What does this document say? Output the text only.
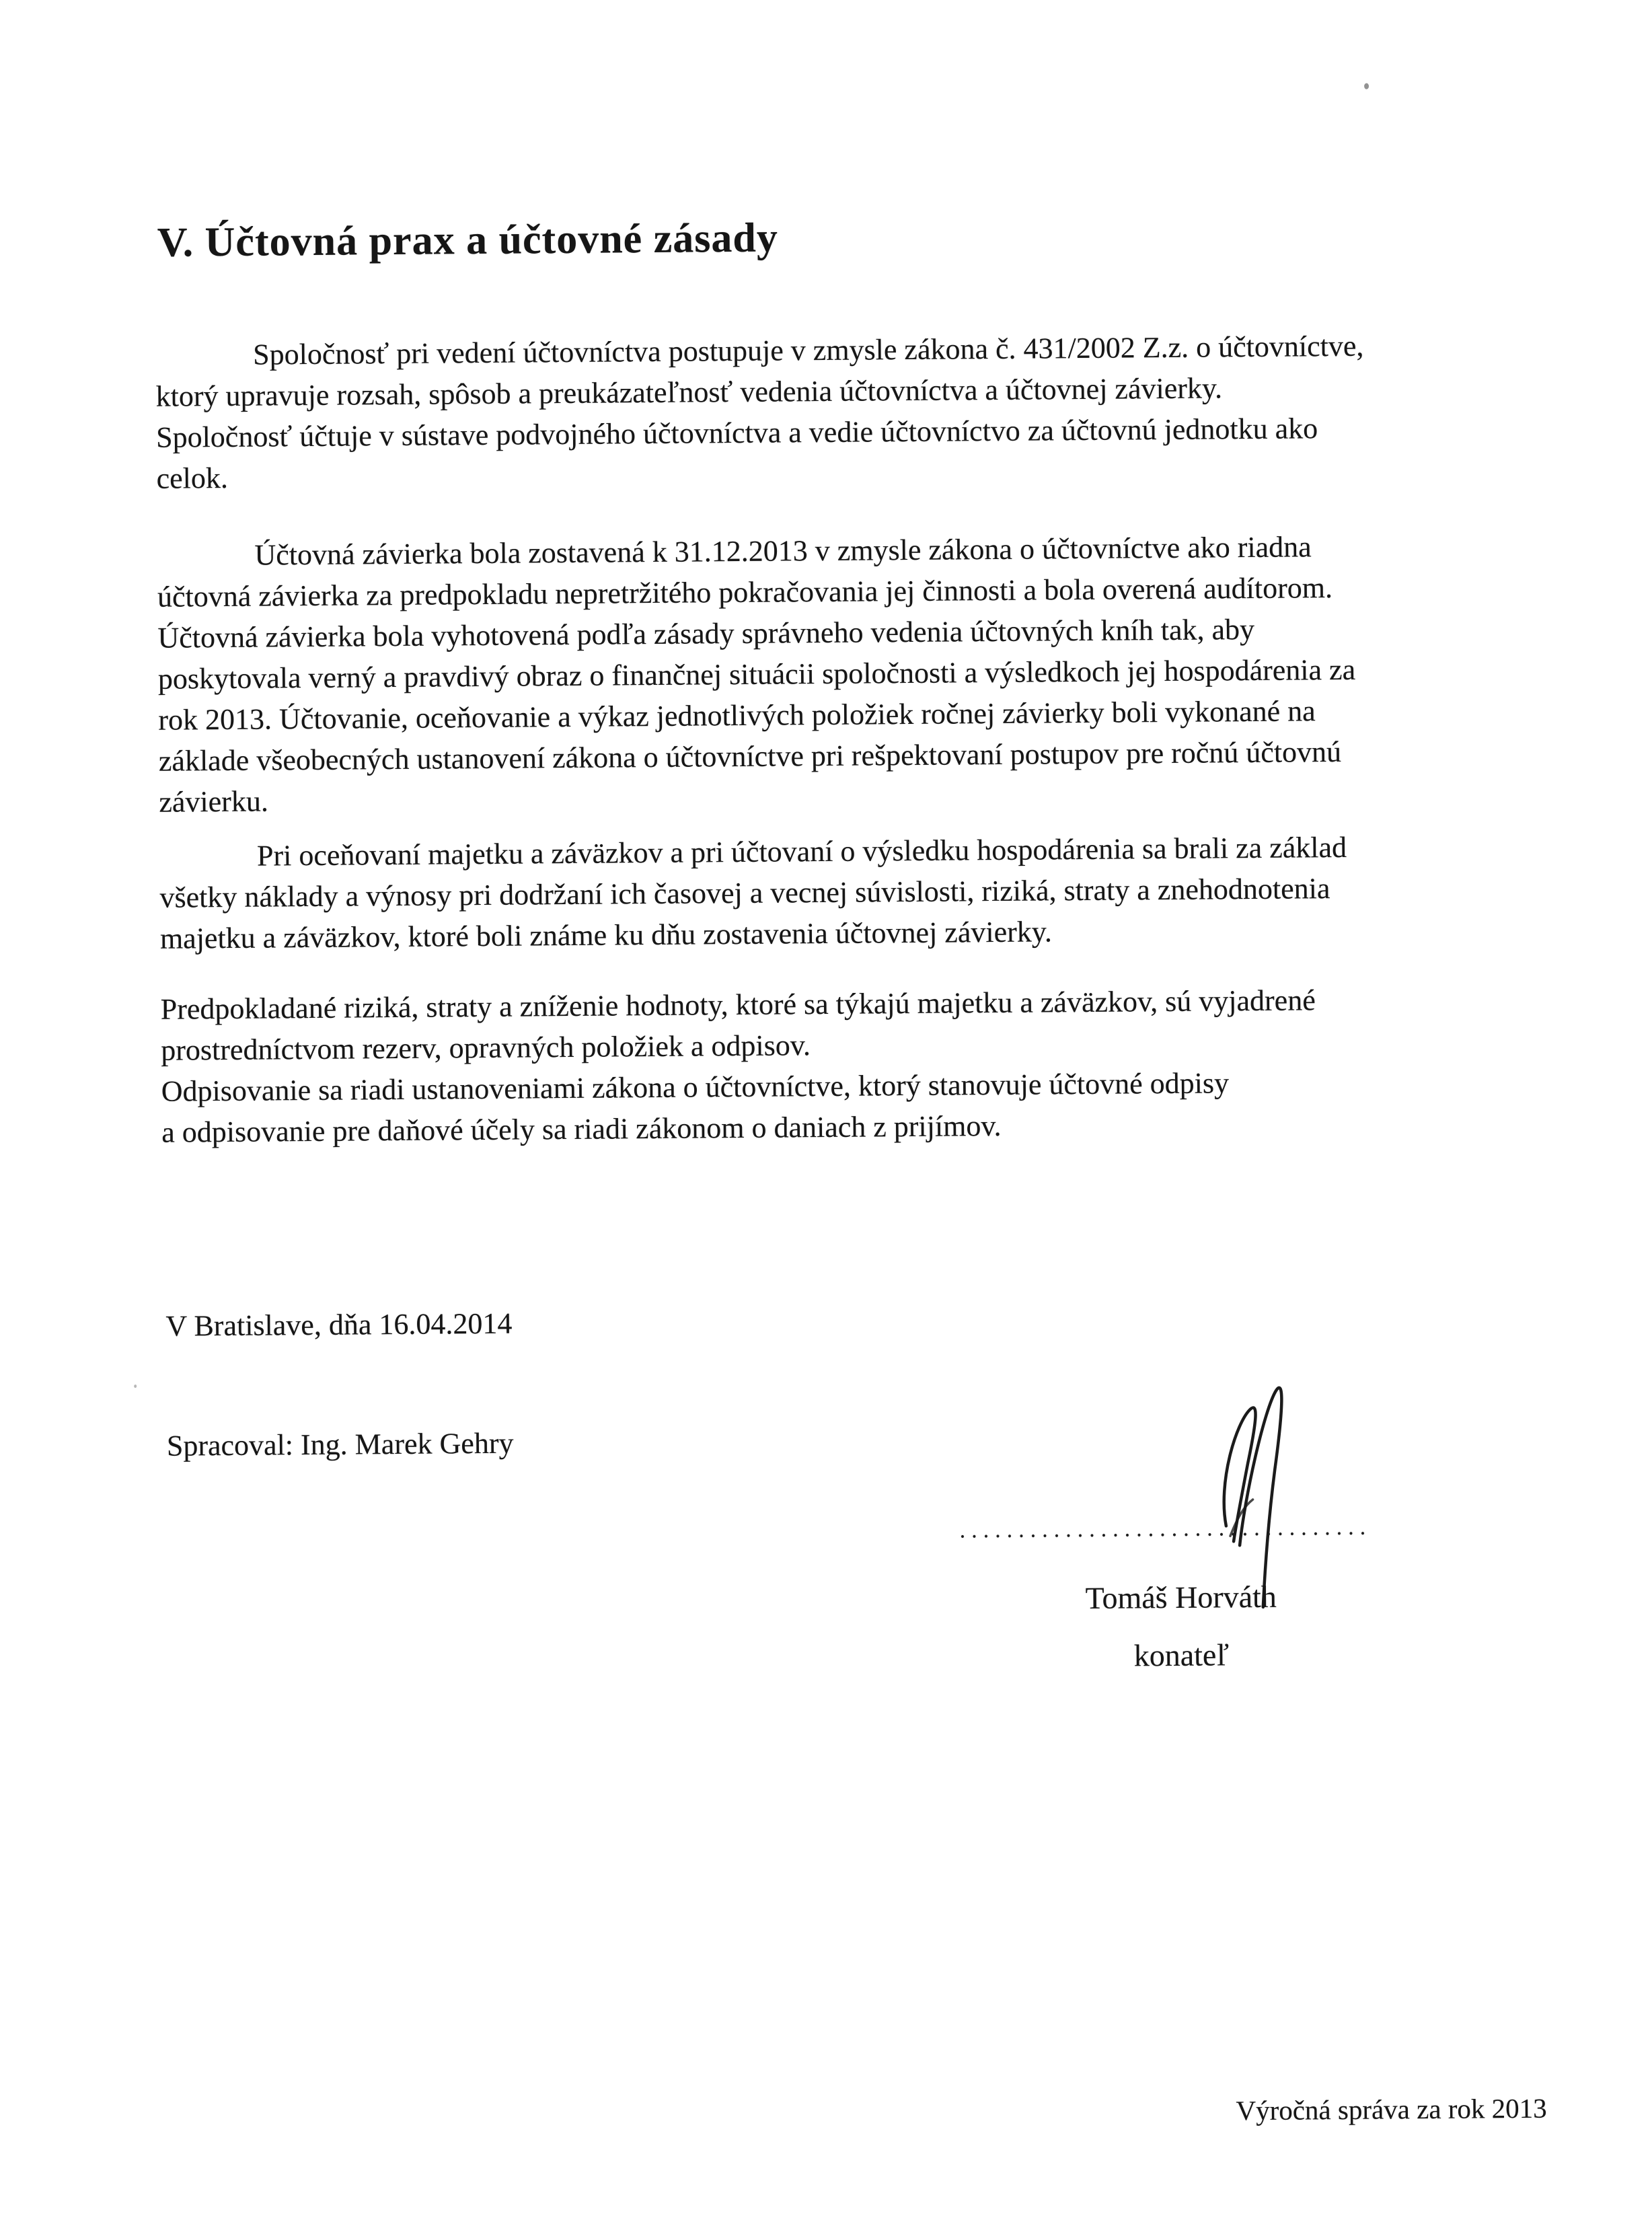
V. Účtovná prax a účtovné zásady

Spoločnosť pri vedení účtovníctva postupuje v zmysle zákona č. 431/2002 Z.z. o účtovníctve,
ktorý upravuje rozsah, spôsob a preukázateľnosť vedenia účtovníctva a účtovnej závierky.
Spoločnosť účtuje v sústave podvojného účtovníctva a vedie účtovníctvo za účtovnú jednotku ako
celok.

Účtovná závierka bola zostavená k 31.12.2013 v zmysle zákona o účtovníctve ako riadna
účtovná závierka za predpokladu nepretržitého pokračovania jej činnosti a bola overená audítorom.
Účtovná závierka bola vyhotovená podľa zásady správneho vedenia účtovných kníh tak, aby
poskytovala verný a pravdivý obraz o finančnej situácii spoločnosti a výsledkoch jej hospodárenia za
rok 2013. Účtovanie, oceňovanie a výkaz jednotlivých položiek ročnej závierky boli vykonané na
základe všeobecných ustanovení zákona o účtovníctve pri rešpektovaní postupov pre ročnú účtovnú
závierku.

Pri oceňovaní majetku a záväzkov a pri účtovaní o výsledku hospodárenia sa brali za základ
všetky náklady a výnosy pri dodržaní ich časovej a vecnej súvislosti, riziká, straty a znehodnotenia
majetku a záväzkov, ktoré boli známe ku dňu zostavenia účtovnej závierky.

Predpokladané riziká, straty a zníženie hodnoty, ktoré sa týkajú majetku a záväzkov, sú vyjadrené
prostredníctvom rezerv, opravných položiek a odpisov.
Odpisovanie sa riadi ustanoveniami zákona o účtovníctve, ktorý stanovuje účtovné odpisy
a odpisovanie pre daňové účely sa riadi zákonom o daniach z prijímov.

V Bratislave, dňa 16.04.2014
Spracoval: Ing. Marek Gehry
...................................
Tomáš Horváth
konateľ
Výročná správa za rok 2013
